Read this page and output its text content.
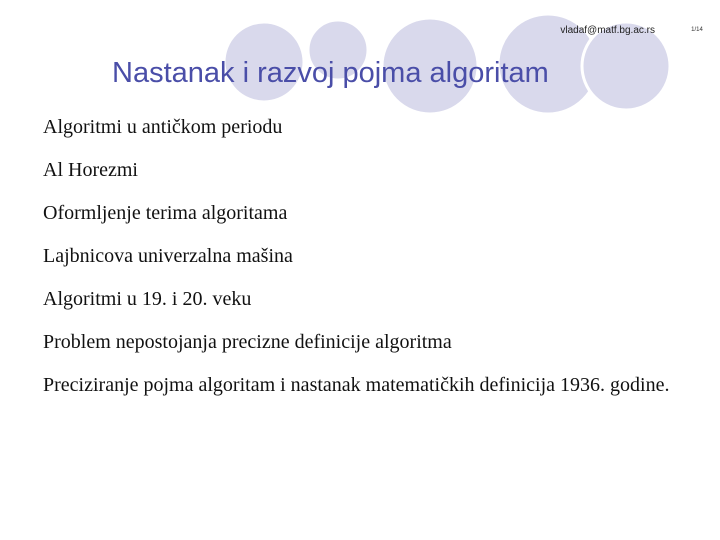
vladaf@matf.bg.ac.rs	1/14
Nastanak i razvoj pojma algoritam
Algoritmi u antičkom periodu
Al Horezmi
Oformljenje terima algoritama
Lajbnicova univerzalna mašina
Algoritmi u 19. i 20. veku
Problem nepostojanja precizne definicije algoritma
Preciziranje pojma algoritam i nastanak matematičkih definicija 1936. godine.
